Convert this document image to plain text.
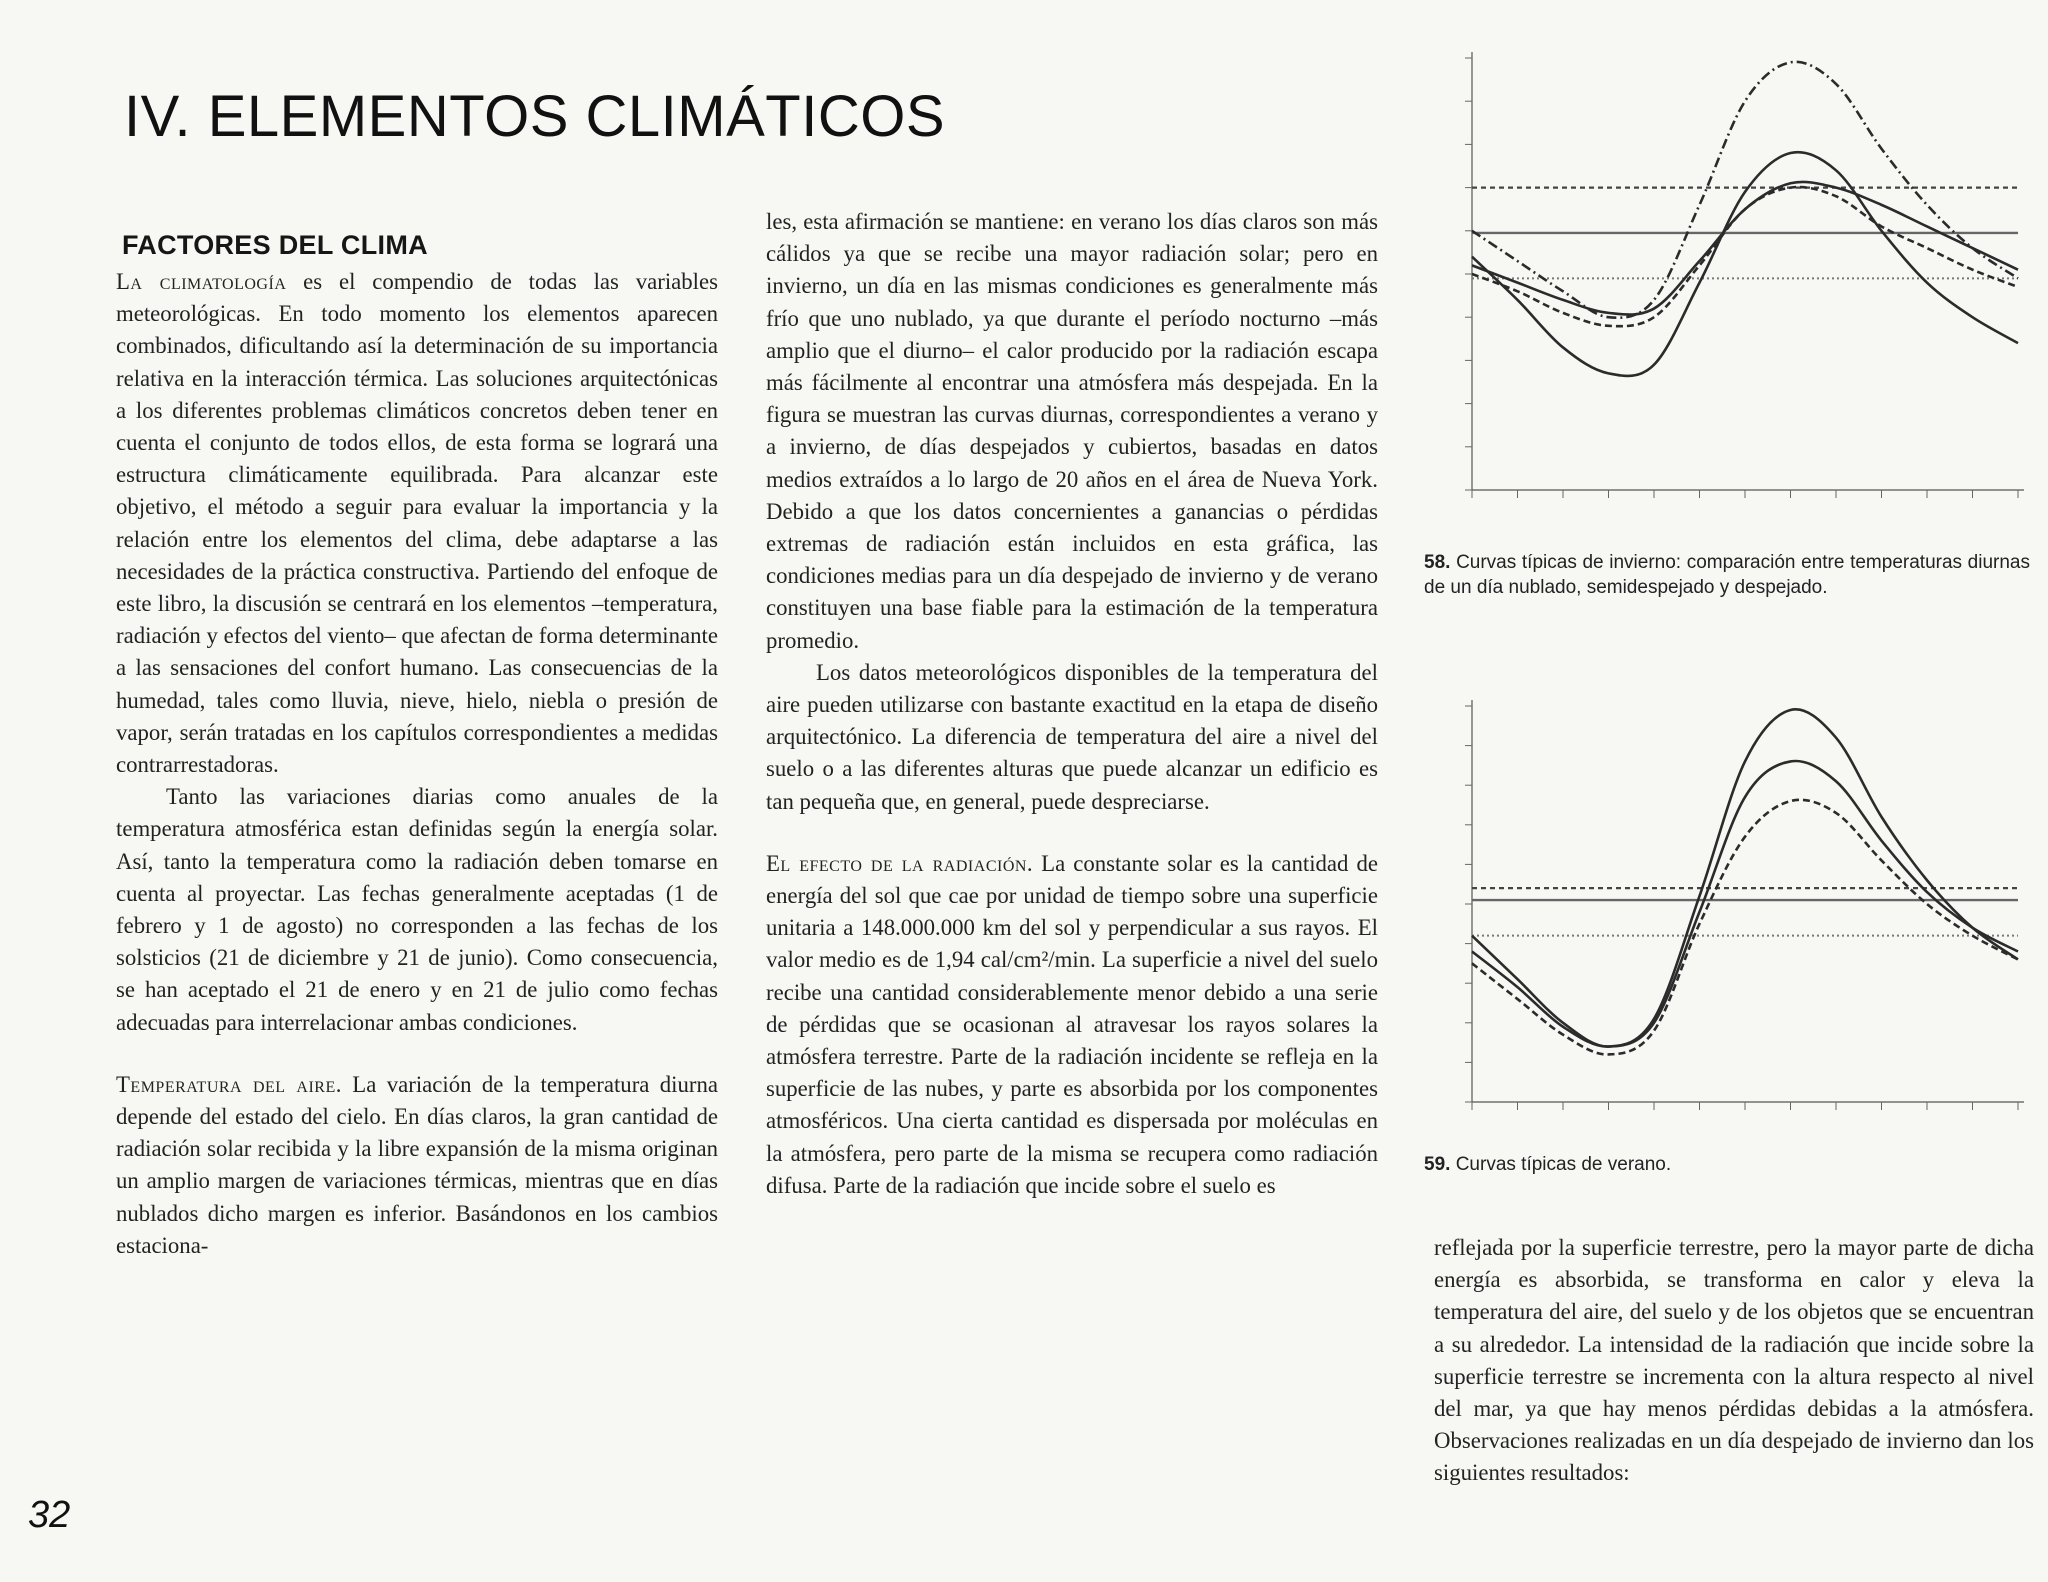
IV. ELEMENTOS CLIMÁTICOS
FACTORES DEL CLIMA

La climatología es el compendio de todas las variables meteorológicas. En todo momento los elementos aparecen combinados, dificultando así la determinación de su importancia relativa en la interacción térmica. Las soluciones arquitectónicas a los diferentes problemas climáticos concretos deben tener en cuenta el conjunto de todos ellos, de esta forma se logrará una estructura climáticamente equilibrada. Para alcanzar este objetivo, el método a seguir para evaluar la importancia y la relación entre los elementos del clima, debe adaptarse a las necesidades de la práctica constructiva. Partiendo del enfoque de este libro, la discusión se centrará en los elementos –temperatura, radiación y efectos del viento– que afectan de forma determinante a las sensaciones del confort humano. Las consecuencias de la humedad, tales como lluvia, nieve, hielo, niebla o presión de vapor, serán tratadas en los capítulos correspondientes a medidas contrarrestadoras.

Tanto las variaciones diarias como anuales de la temperatura atmosférica estan definidas según la energía solar. Así, tanto la temperatura como la radiación deben tomarse en cuenta al proyectar. Las fechas generalmente aceptadas (1 de febrero y 1 de agosto) no corresponden a las fechas de los solsticios (21 de diciembre y 21 de junio). Como consecuencia, se han aceptado el 21 de enero y en 21 de julio como fechas adecuadas para interrelacionar ambas condiciones.

Temperatura del aire. La variación de la temperatura diurna depende del estado del cielo. En días claros, la gran cantidad de radiación solar recibida y la libre expansión de la misma originan un amplio margen de variaciones térmicas, mientras que en días nublados dicho margen es inferior. Basándonos en los cambios estaciona-

les, esta afirmación se mantiene: en verano los días claros son más cálidos ya que se recibe una mayor radiación solar; pero en invierno, un día en las mismas condiciones es generalmente más frío que uno nublado, ya que durante el período nocturno –más amplio que el diurno– el calor producido por la radiación escapa más fácilmente al encontrar una atmósfera más despejada. En la figura se muestran las curvas diurnas, correspondientes a verano y a invierno, de días despejados y cubiertos, basadas en datos medios extraídos a lo largo de 20 años en el área de Nueva York. Debido a que los datos concernientes a ganancias o pérdidas extremas de radiación están incluidos en esta gráfica, las condiciones medias para un día despejado de invierno y de verano constituyen una base fiable para la estimación de la temperatura promedio.

Los datos meteorológicos disponibles de la temperatura del aire pueden utilizarse con bastante exactitud en la etapa de diseño arquitectónico. La diferencia de temperatura del aire a nivel del suelo o a las diferentes alturas que puede alcanzar un edificio es tan pequeña que, en general, puede despreciarse.

El efecto de la radiación. La constante solar es la cantidad de energía del sol que cae por unidad de tiempo sobre una superficie unitaria a 148.000.000 km del sol y perpendicular a sus rayos. El valor medio es de 1,94 cal/cm²/min. La superficie a nivel del suelo recibe una cantidad considerablemente menor debido a una serie de pérdidas que se ocasionan al atravesar los rayos solares la atmósfera terrestre. Parte de la radiación incidente se refleja en la superficie de las nubes, y parte es absorbida por los componentes atmosféricos. Una cierta cantidad es dispersada por moléculas en la atmósfera, pero parte de la misma se recupera como radiación difusa. Parte de la radiación que incide sobre el suelo es

reflejada por la superficie terrestre, pero la mayor parte de dicha energía es absorbida, se transforma en calor y eleva la temperatura del aire, del suelo y de los objetos que se encuentran a su alrededor. La intensidad de la radiación que incide sobre la superficie terrestre se incrementa con la altura respecto al nivel del mar, ya que hay menos pérdidas debidas a la atmósfera. Observaciones realizadas en un día despejado de invierno dan los siguientes resultados:

58. Curvas típicas de invierno: comparación entre temperaturas diurnas de un día nublado, semidespejado y despejado.
59. Curvas típicas de verano.
32
